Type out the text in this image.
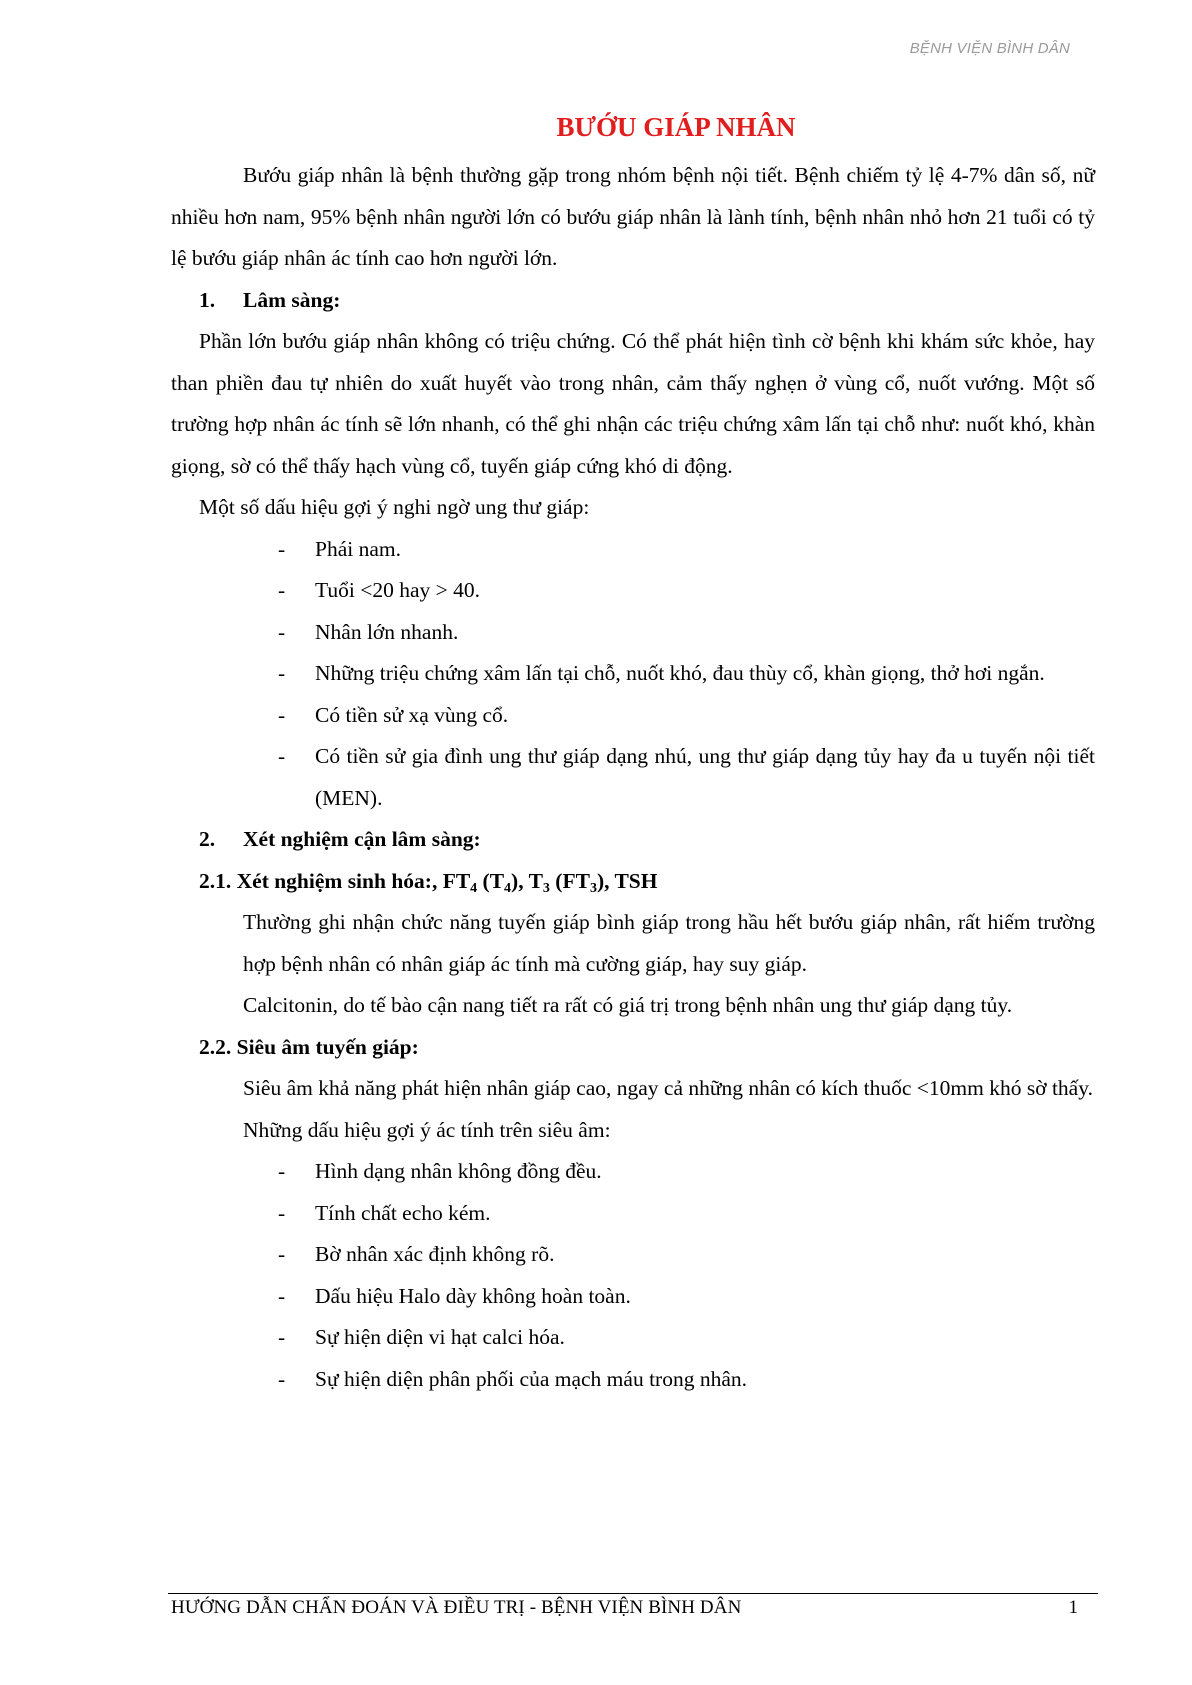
BỆNH VIỆN BÌNH DÂN
BƯỚU GIÁP NHÂN

Bướu giáp nhân là bệnh thường gặp trong nhóm bệnh nội tiết. Bệnh chiếm tỷ lệ 4-7% dân số, nữ nhiều hơn nam, 95% bệnh nhân người lớn có bướu giáp nhân là lành tính, bệnh nhân nhỏ hơn 21 tuổi có tỷ lệ bướu giáp nhân ác tính cao hơn người lớn.

1. Lâm sàng:

Phần lớn bướu giáp nhân không có triệu chứng. Có thể phát hiện tình cờ bệnh khi khám sức khỏe, hay than phiền đau tự nhiên do xuất huyết vào trong nhân, cảm thấy nghẹn ở vùng cổ, nuốt vướng. Một số trường hợp nhân ác tính sẽ lớn nhanh, có thể ghi nhận các triệu chứng xâm lấn tại chỗ như: nuốt khó, khàn giọng, sờ có thể thấy hạch vùng cổ, tuyến giáp cứng khó di động.

Một số dấu hiệu gợi ý nghi ngờ ung thư giáp:

- Phái nam.
- Tuổi <20 hay > 40.
- Nhân lớn nhanh.
- Những triệu chứng xâm lấn tại chỗ, nuốt khó, đau thùy cổ, khàn giọng, thở hơi ngắn.
- Có tiền sử xạ vùng cổ.
- Có tiền sử gia đình ung thư giáp dạng nhú, ung thư giáp dạng tủy hay đa u tuyến nội tiết (MEN).

2. Xét nghiệm cận lâm sàng:

2.1. Xét nghiệm sinh hóa:, $FT_4$ $(T_4)$, $T_3$ $(FT_3)$, TSH

Thường ghi nhận chức năng tuyến giáp bình giáp trong hầu hết bướu giáp nhân, rất hiếm trường hợp bệnh nhân có nhân giáp ác tính mà cường giáp, hay suy giáp.

Calcitonin, do tế bào cận nang tiết ra rất có giá trị trong bệnh nhân ung thư giáp dạng tủy.

2.2. Siêu âm tuyến giáp:

Siêu âm khả năng phát hiện nhân giáp cao, ngay cả những nhân có kích thuốc <10mm khó sờ thấy.

Những dấu hiệu gợi ý ác tính trên siêu âm:

- Hình dạng nhân không đồng đều.
- Tính chất echo kém.
- Bờ nhân xác định không rõ.
- Dấu hiệu Halo dày không hoàn toàn.
- Sự hiện diện vi hạt calci hóa.
- Sự hiện diện phân phối của mạch máu trong nhân.
HƯỚNG DẪN CHẨN ĐOÁN VÀ ĐIỀU TRỊ - BỆNH VIỆN BÌNH DÂN	1
